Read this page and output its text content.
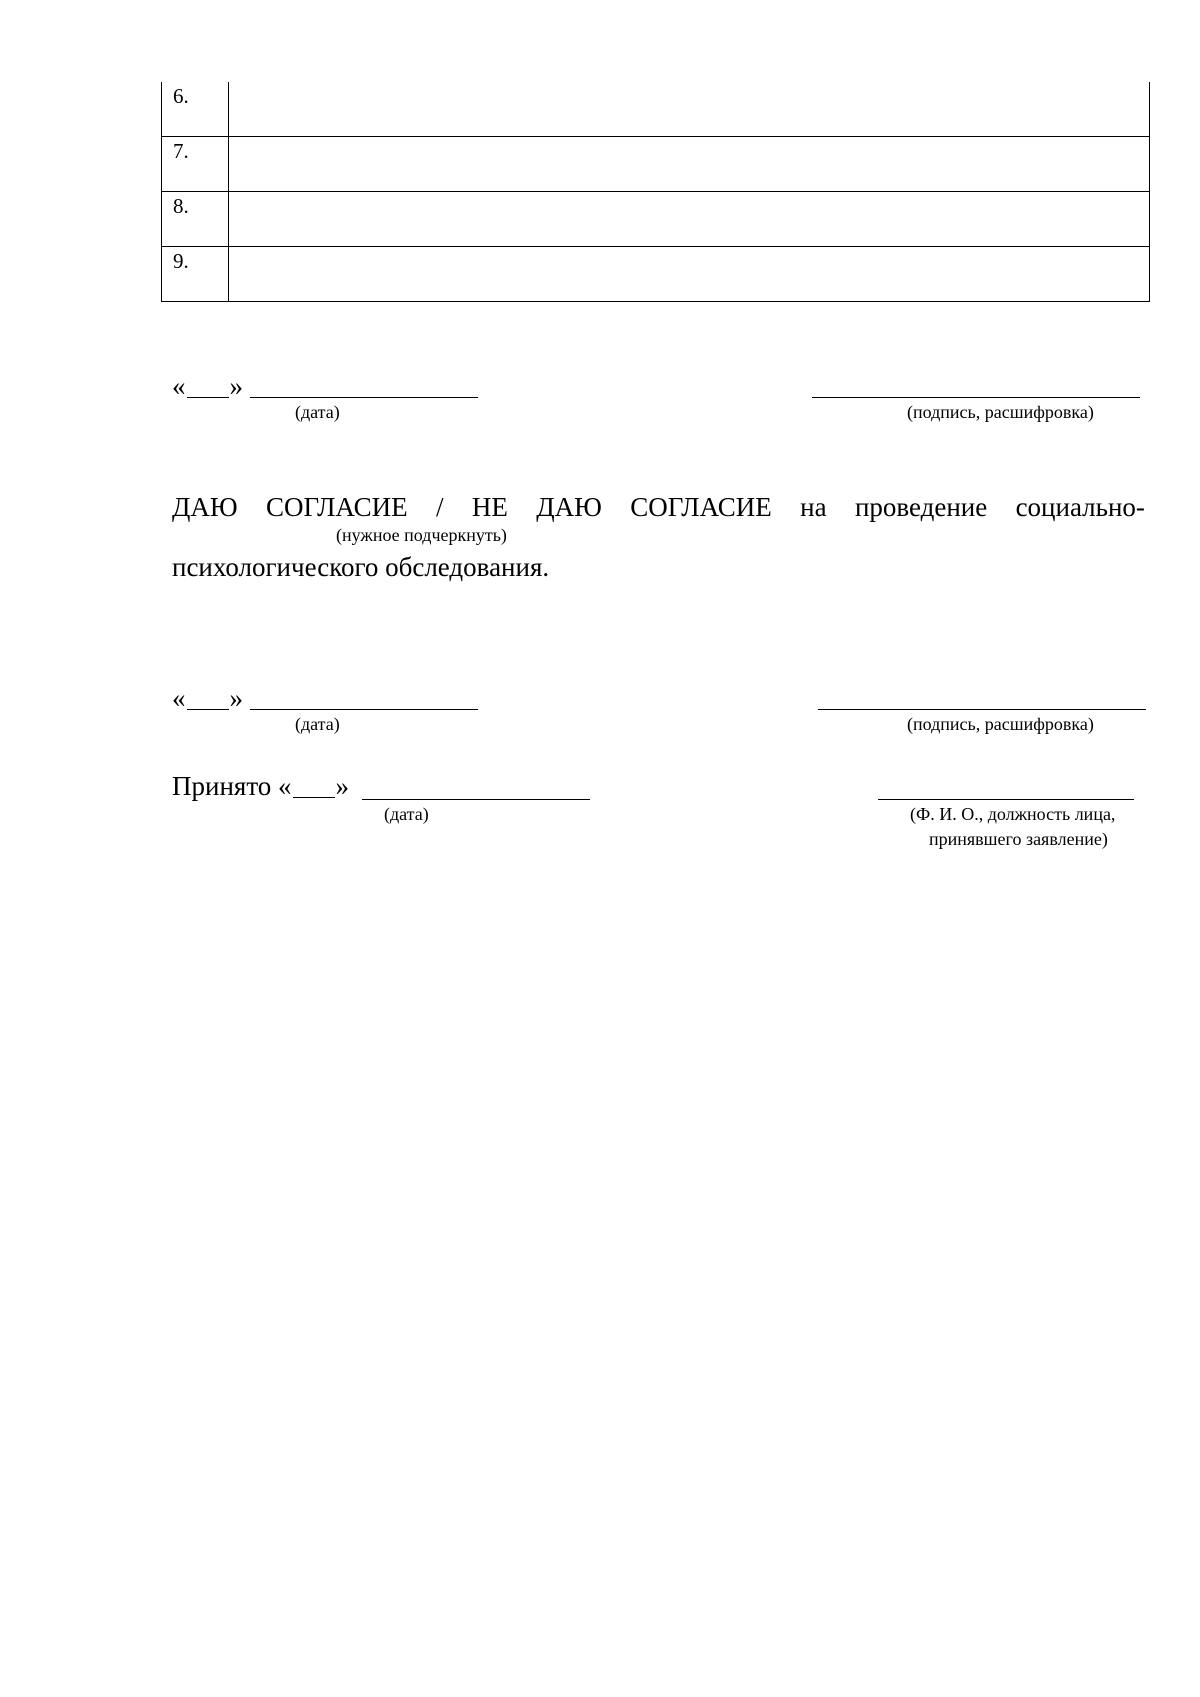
6.	
7.	
8.	
9.	
« »
(дата)	(подпись, расшифровка)
ДАЮ СОГЛАСИЕ / НЕ ДАЮ СОГЛАСИЕ на проведение социально-
(нужное подчеркнуть)
психологического обследования.
« »
(дата)	(подпись, расшифровка)
Принято « »
(дата)	(Ф. И. О., должность лица,
принявшего заявление)
